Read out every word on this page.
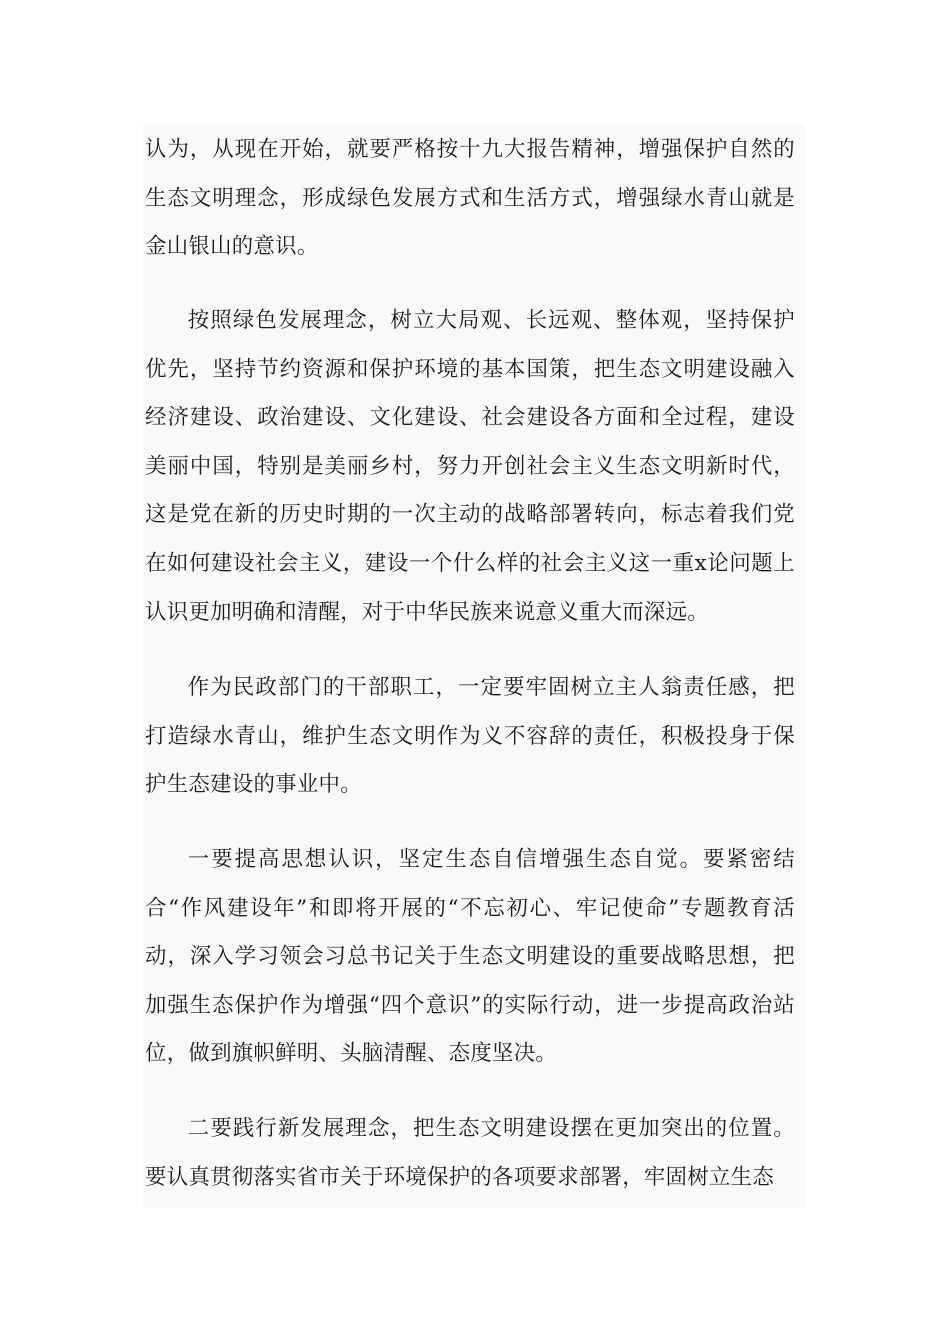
认为，从现在开始，就要严格按十九大报告精神，增强保护自然的生态文明理念，形成绿色发展方式和生活方式，增强绿水青山就是金山银山的意识。

按照绿色发展理念，树立大局观、长远观、整体观，坚持保护优先，坚持节约资源和保护环境的基本国策，把生态文明建设融入经济建设、政治建设、文化建设、社会建设各方面和全过程，建设美丽中国，特别是美丽乡村，努力开创社会主义生态文明新时代，这是党在新的历史时期的一次主动的战略部署转向，标志着我们党在如何建设社会主义，建设一个什么样的社会主义这一重x论问题上认识更加明确和清醒，对于中华民族来说意义重大而深远。

作为民政部门的干部职工，一定要牢固树立主人翁责任感，把打造绿水青山，维护生态文明作为义不容辞的责任，积极投身于保护生态建设的事业中。

一要提高思想认识，坚定生态自信增强生态自觉。要紧密结合“作风建设年”和即将开展的“不忘初心、牢记使命”专题教育活动，深入学习领会习总书记关于生态文明建设的重要战略思想，把加强生态保护作为增强“四个意识”的实际行动，进一步提高政治站位，做到旗帜鲜明、头脑清醒、态度坚决。

二要践行新发展理念，把生态文明建设摆在更加突出的位置。要认真贯彻落实省市关于环境保护的各项要求部署，牢固树立生态
